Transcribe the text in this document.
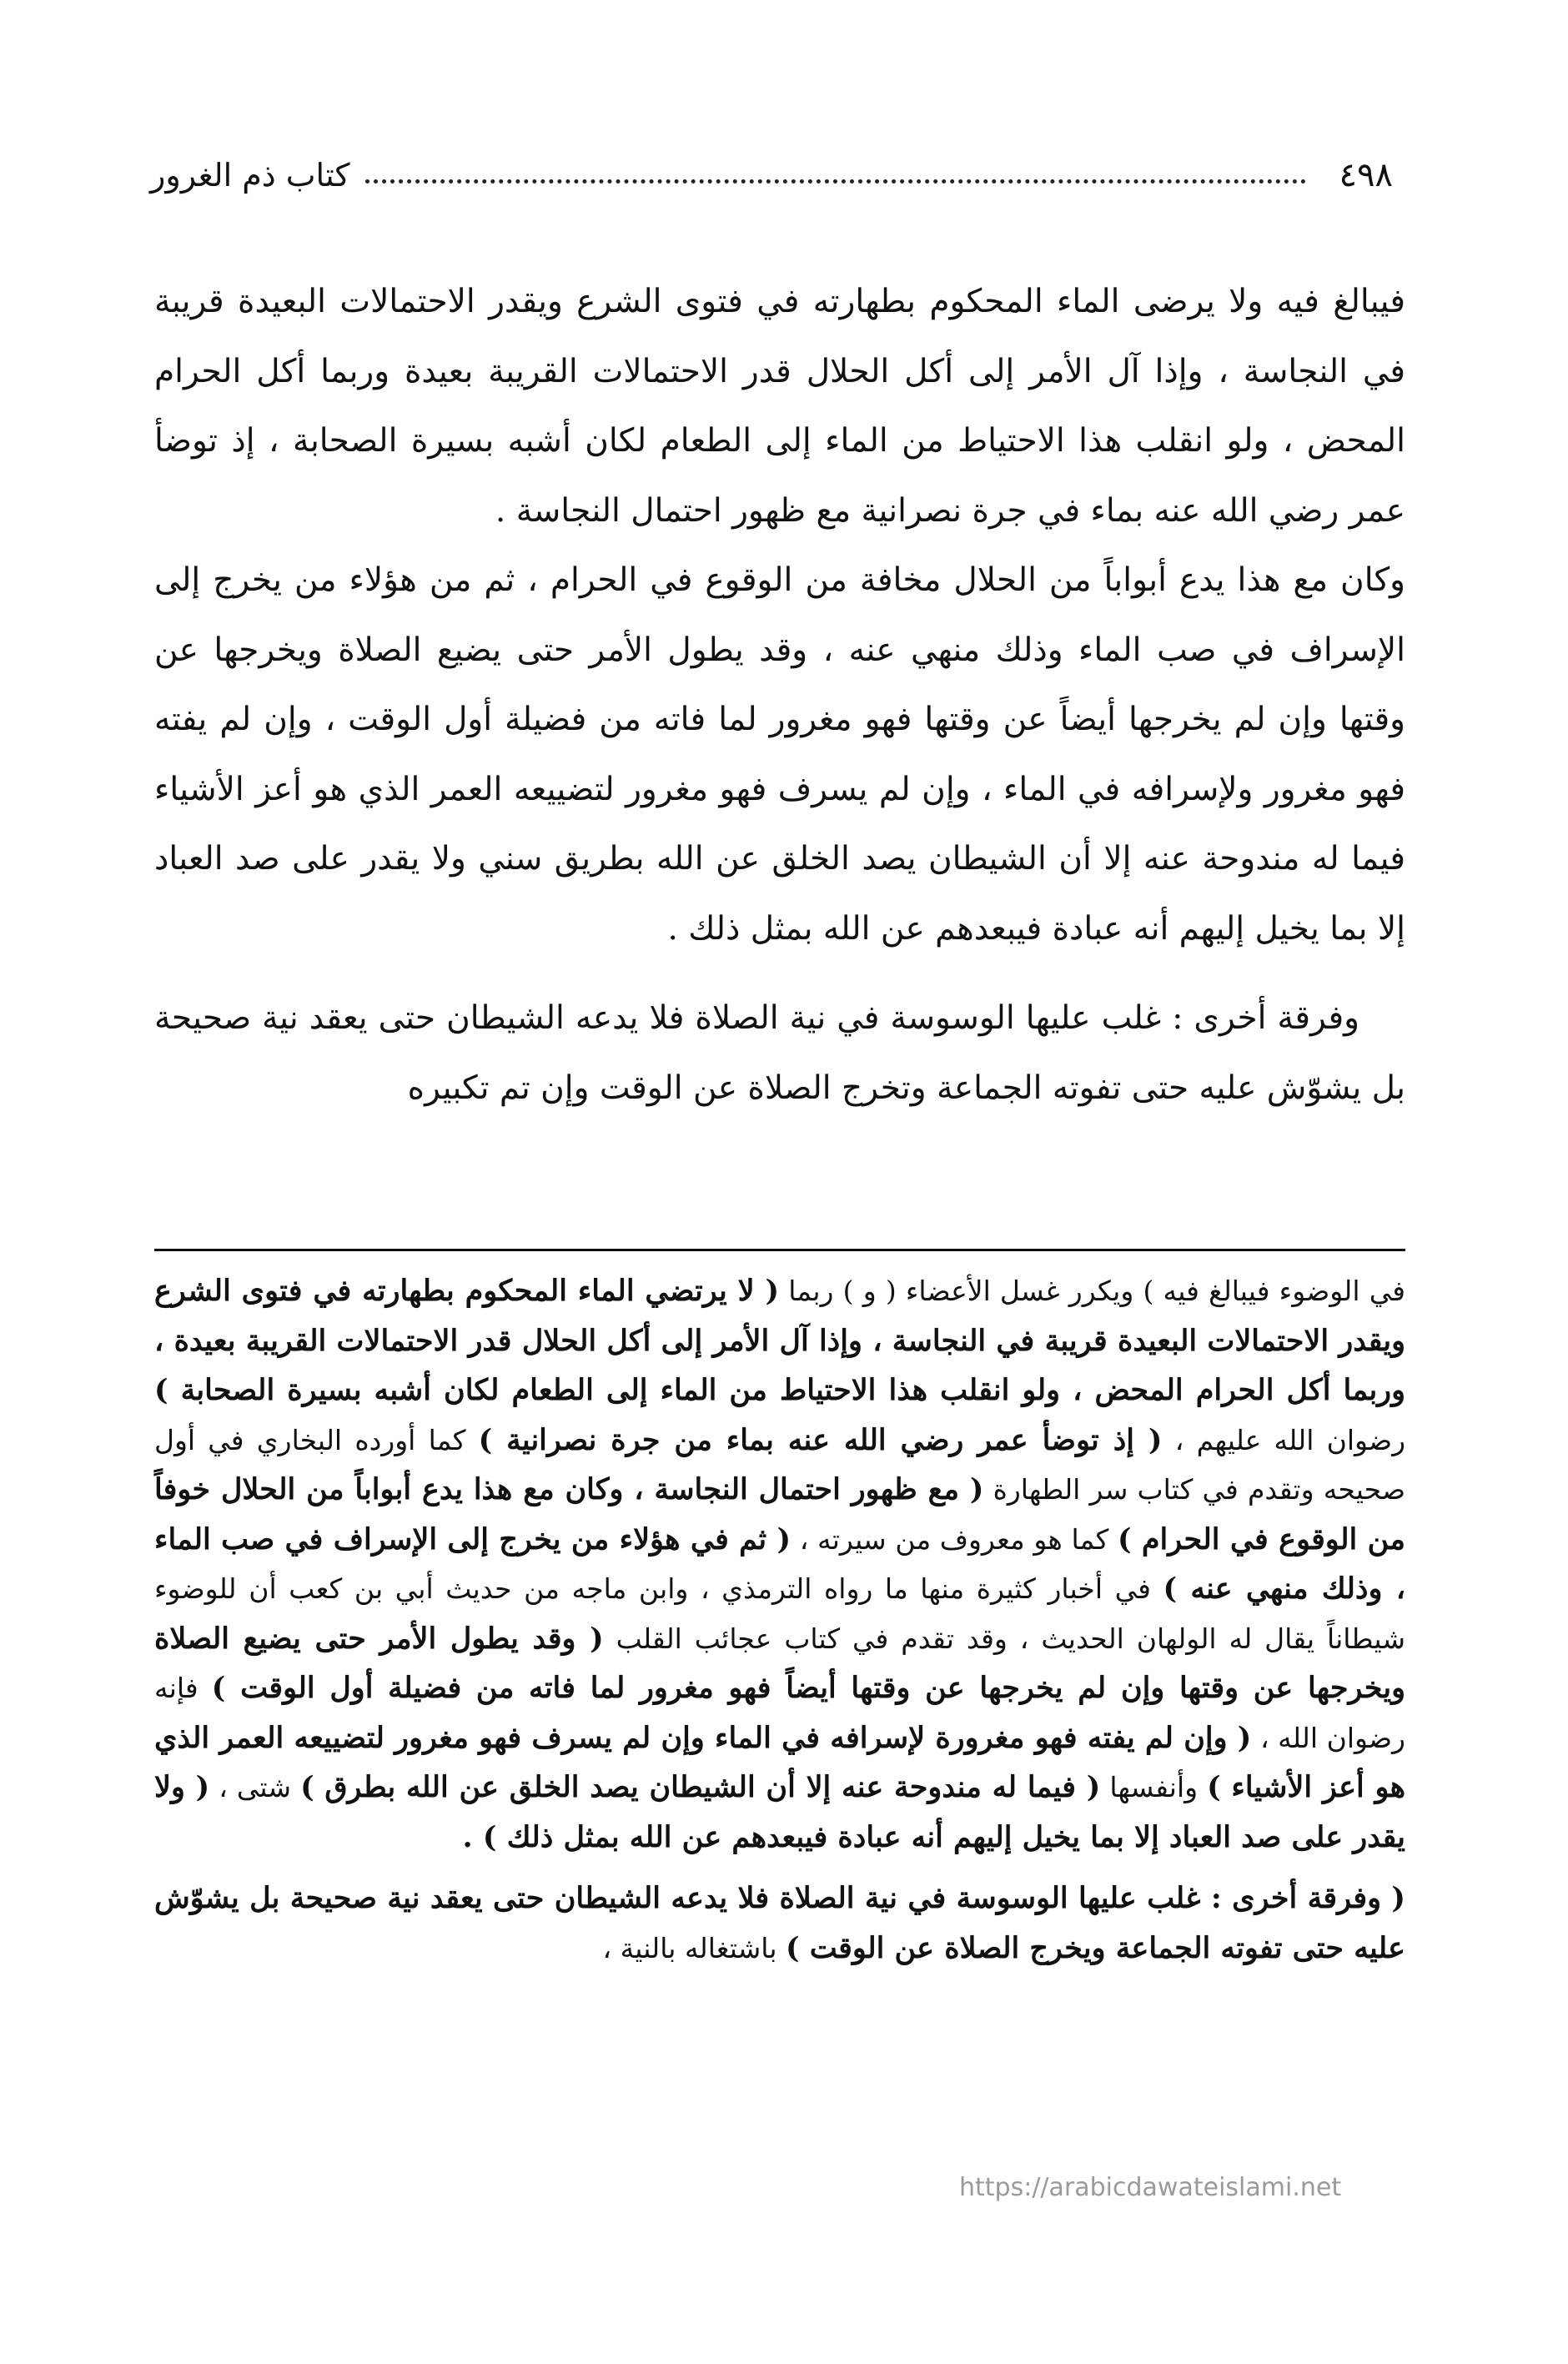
٤٩٨
كتاب ذم الغرور

فيبالغ فيه ولا يرضى الماء المحكوم بطهارته في فتوى الشرع ويقدر الاحتمالات البعيدة قريبة في النجاسة ، وإذا آل الأمر إلى أكل الحلال قدر الاحتمالات القريبة بعيدة وربما أكل الحرام المحض ، ولو انقلب هذا الاحتياط من الماء إلى الطعام لكان أشبه بسيرة الصحابة ، إذ توضأ عمر رضي الله عنه بماء في جرة نصرانية مع ظهور احتمال النجاسة .

وكان مع هذا يدع أبواباً من الحلال مخافة من الوقوع في الحرام ، ثم من هؤلاء من يخرج إلى الإسراف في صب الماء وذلك منهي عنه ، وقد يطول الأمر حتى يضيع الصلاة ويخرجها عن وقتها وإن لم يخرجها أيضاً عن وقتها فهو مغرور لما فاته من فضيلة أول الوقت ، وإن لم يفته فهو مغرور ولإسرافه في الماء ، وإن لم يسرف فهو مغرور لتضييعه العمر الذي هو أعز الأشياء فيما له مندوحة عنه إلا أن الشيطان يصد الخلق عن الله بطريق سني ولا يقدر على صد العباد إلا بما يخيل إليهم أنه عبادة فيبعدهم عن الله بمثل ذلك .

وفرقة أخرى : غلب عليها الوسوسة في نية الصلاة فلا يدعه الشيطان حتى يعقد نية صحيحة بل يشوّش عليه حتى تفوته الجماعة وتخرج الصلاة عن الوقت وإن تم تكبيره

في الوضوء فيبالغ فيه ) ويكرر غسل الأعضاء ( و ) ربما ( لا يرتضي الماء المحكوم بطهارته في فتوى الشرع ويقدر الاحتمالات البعيدة قريبة في النجاسة ، وإذا آل الأمر إلى أكل الحلال قدر الاحتمالات القريبة بعيدة ، وربما أكل الحرام المحض ، ولو انقلب هذا الاحتياط من الماء إلى الطعام لكان أشبه بسيرة الصحابة ) رضوان الله عليهم ، ( إذ توضأ عمر رضي الله عنه بماء من جرة نصرانية ) كما أورده البخاري في أول صحيحه وتقدم في كتاب سر الطهارة ( مع ظهور احتمال النجاسة ، وكان مع هذا يدع أبواباً من الحلال خوفاً من الوقوع في الحرام ) كما هو معروف من سيرته ، ( ثم في هؤلاء من يخرج إلى الإسراف في صب الماء ، وذلك منهي عنه ) في أخبار كثيرة منها ما رواه الترمذي ، وابن ماجه من حديث أبي بن كعب أن للوضوء شيطاناً يقال له الولهان الحديث ، وقد تقدم في كتاب عجائب القلب ( وقد يطول الأمر حتى يضيع الصلاة ويخرجها عن وقتها وإن لم يخرجها عن وقتها أيضاً فهو مغرور لما فاته من فضيلة أول الوقت ) فإنه رضوان الله ، ( وإن لم يفته فهو مغرورة لإسرافه في الماء وإن لم يسرف فهو مغرور لتضييعه العمر الذي هو أعز الأشياء ) وأنفسها ( فيما له مندوحة عنه إلا أن الشيطان يصد الخلق عن الله بطرق ) شتى ، ( ولا يقدر على صد العباد إلا بما يخيل إليهم أنه عبادة فيبعدهم عن الله بمثل ذلك ) .

( وفرقة أخرى : غلب عليها الوسوسة في نية الصلاة فلا يدعه الشيطان حتى يعقد نية صحيحة بل يشوّش عليه حتى تفوته الجماعة ويخرج الصلاة عن الوقت ) باشتغاله بالنية ،

https://arabicdawateislami.net
